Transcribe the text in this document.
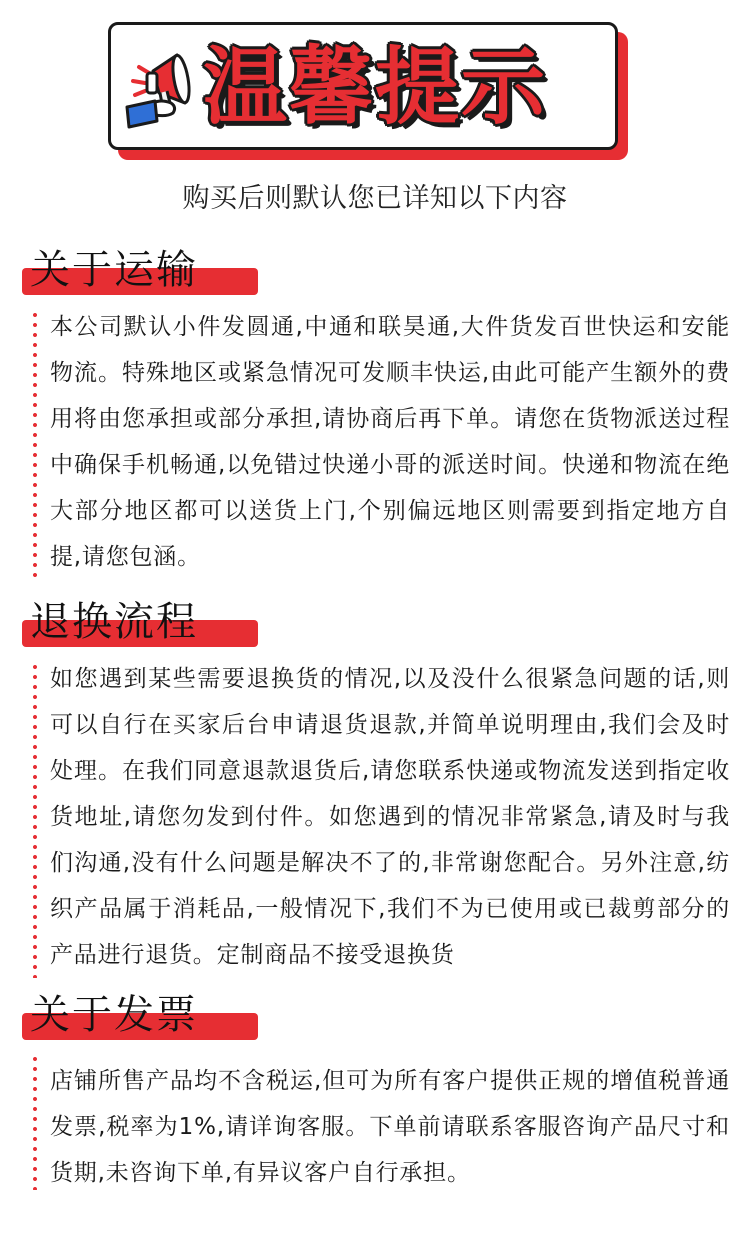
温馨提示
购买后则默认您已详知以下内容
关于运输

本公司默认小件发圆通,中通和联昊通,大件货发百世快运和安能物流。特殊地区或紧急情况可发顺丰快运,由此可能产生额外的费用将由您承担或部分承担,请协商后再下单。请您在货物派送过程中确保手机畅通,以免错过快递小哥的派送时间。快递和物流在绝大部分地区都可以送货上门,个别偏远地区则需要到指定地方自提,请您包涵。

退换流程

如您遇到某些需要退换货的情况,以及没什么很紧急问题的话,则可以自行在买家后台申请退货退款,并简单说明理由,我们会及时处理。在我们同意退款退货后,请您联系快递或物流发送到指定收货地址,请您勿发到付件。如您遇到的情况非常紧急,请及时与我们沟通,没有什么问题是解决不了的,非常谢您配合。另外注意,纺织产品属于消耗品,一般情况下,我们不为已使用或已裁剪部分的产品进行退货。定制商品不接受退换货

关于发票

店铺所售产品均不含税运,但可为所有客户提供正规的增值税普通发票,税率为1%,请详询客服。下单前请联系客服咨询产品尺寸和货期,未咨询下单,有异议客户自行承担。
